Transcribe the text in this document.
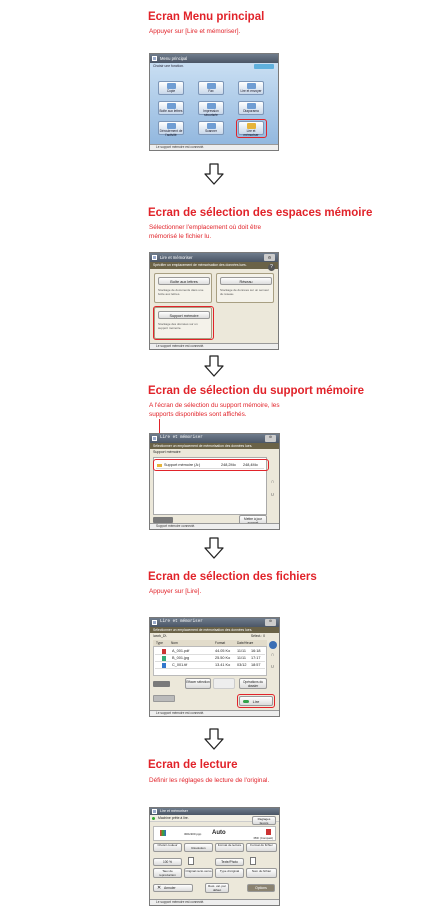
Ecran Menu principal
Appuyer sur [Lire et mémoriser].
Menu principal
Choisir une fonction.
Copie	Fax	Lire et envoyer
Boîte aux lettres	Impression sécurisée
Diaporama
Déroulement de l'activité
Scanner	Lire et mémoriser
Le support mémoire est connecté.
Ecran de sélection des espaces mémoire
Sélectionner l'emplacement où doit être
mémorisé le fichier lu.
Lire et mémoriser	⚙
Spécifier un emplacement de mémorisation des données lues.	?
Boîte aux lettres
Stockage de documents dans une boîte aux lettres.
Réseau
Stockage de données sur un serveur du réseau.
Support mémoire
Stockage des données sur un support mémoire.
Le support mémoire est connecté.
Ecran de sélection du support mémoire
A l'écran de sélection du support mémoire, les
supports disponibles sont affichés.
Lire et mémoriser	⚙
Sélectionner un emplacement de mémorisation des données lues.
Support mémoire
Support mémoire (A:)	248,2Mo 248,4Mo
∩
∪
Mettre à jour
Support mémoire connecté.
Ecran de sélection des fichiers
Appuyer sur [Lire].
Lire et mémoriser	⚙
Sélectionner un emplacement de mémorisation des données lues.
\work_D\	Sélect.: 0
Type	Nom	Format	Date/Heure
A_001.pdf	44.05 Ko 11/11 16:18
B_001.jpg	25.50 Ko 11/11 17:17
C_001.tif	13.41 Ko 03/12 18:57
∩
∪
Effacer sélection	Opérations du dossier
Lire
Le support mémoire est connecté.
Ecran de lecture
Définir les réglages de lecture de l'original.
Lire et mémoriser
Machine prête à lire.	Réglages favoris
300x300 ppp Auto
PDF (Compact)
Choisir couleur
Résolution
Format de lecture	Format du fichier
100 %	Texte/Photo
Taux de reproduction
Original recto verso	Type d'original	Nom du fichier
✕ Annuler	Rest. val. par défaut	Options
Le support mémoire est connecté.
